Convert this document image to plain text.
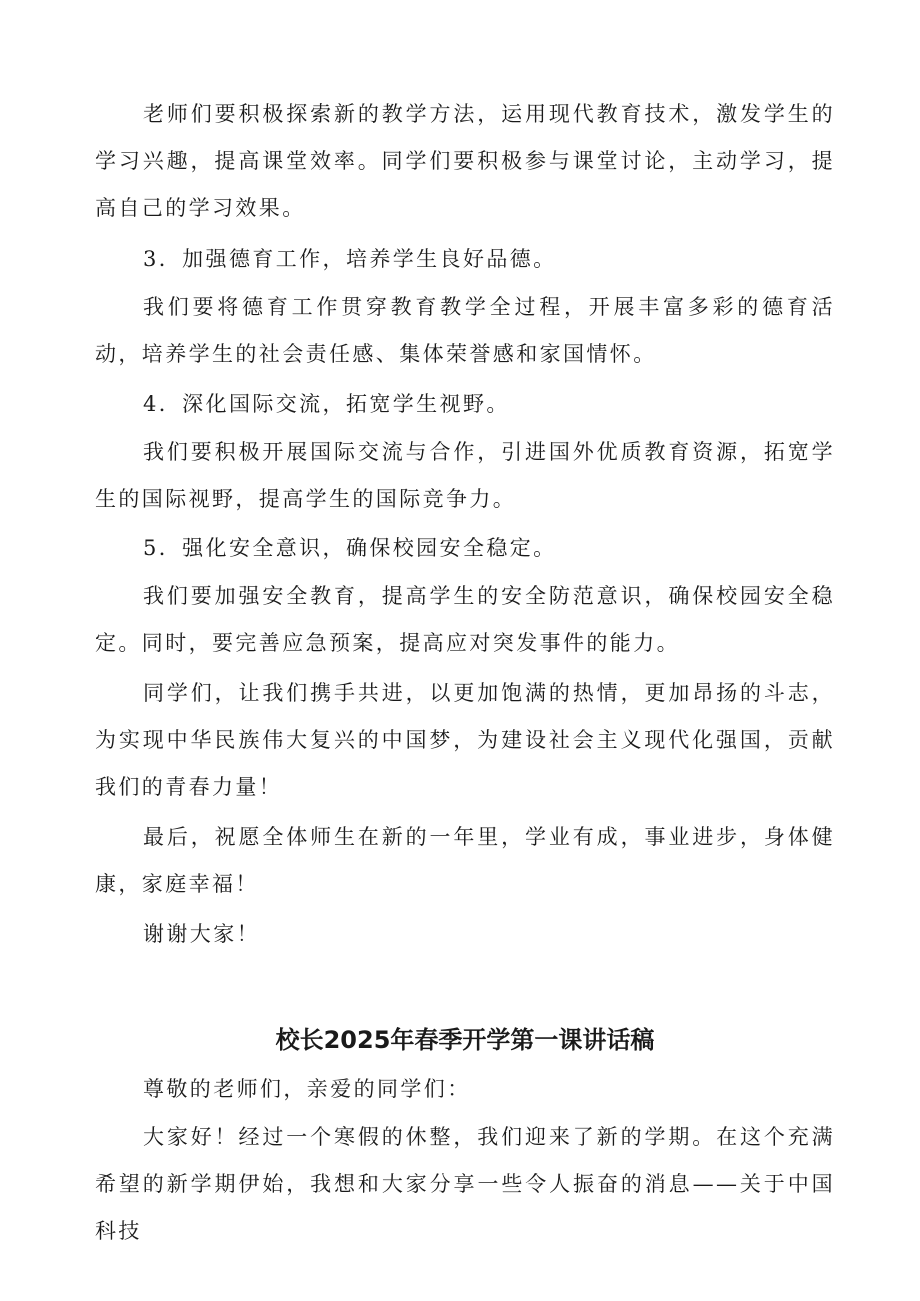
老师们要积极探索新的教学方法，运用现代教育技术，激发学生的学习兴趣，提高课堂效率。同学们要积极参与课堂讨论，主动学习，提高自己的学习效果。

3．加强德育工作，培养学生良好品德。

我们要将德育工作贯穿教育教学全过程，开展丰富多彩的德育活动，培养学生的社会责任感、集体荣誉感和家国情怀。

4．深化国际交流，拓宽学生视野。

我们要积极开展国际交流与合作，引进国外优质教育资源，拓宽学生的国际视野，提高学生的国际竞争力。

5．强化安全意识，确保校园安全稳定。

我们要加强安全教育，提高学生的安全防范意识，确保校园安全稳定。同时，要完善应急预案，提高应对突发事件的能力。

同学们，让我们携手共进，以更加饱满的热情，更加昂扬的斗志，为实现中华民族伟大复兴的中国梦，为建设社会主义现代化强国，贡献我们的青春力量！

最后，祝愿全体师生在新的一年里，学业有成，事业进步，身体健康，家庭幸福！

谢谢大家！

校长2025年春季开学第一课讲话稿

尊敬的老师们，亲爱的同学们：

大家好！经过一个寒假的休整，我们迎来了新的学期。在这个充满希望的新学期伊始，我想和大家分享一些令人振奋的消息——关于中国科技
